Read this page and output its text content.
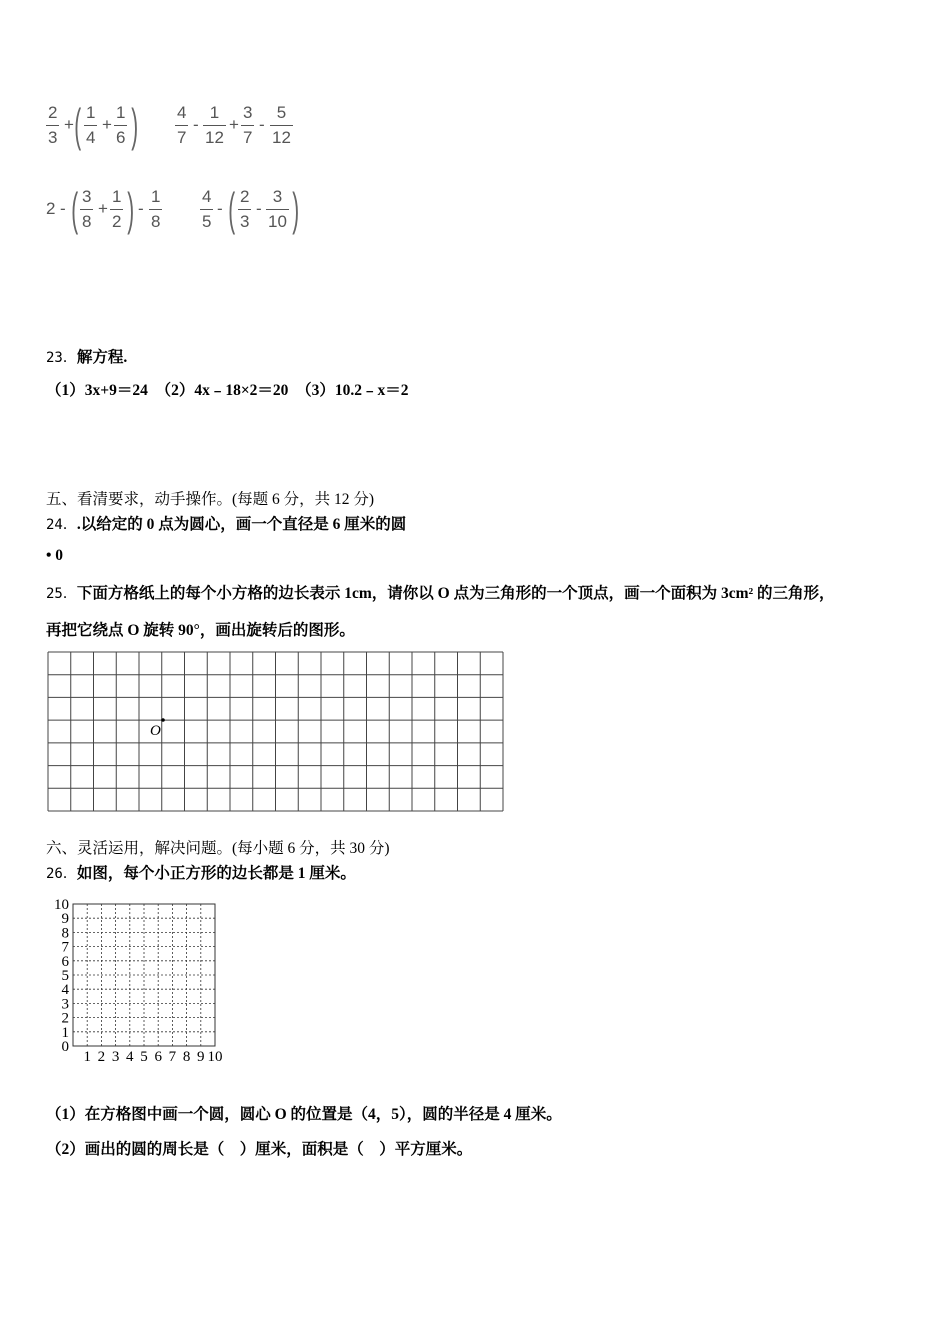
2
3
+ ( 1
4
+
1
6 ) 4
7
-
1
12
+
3
7
-
5
12
2 - ( 3
8
+
1
2 ) -
1
8
4
5
- ( 2
3
-
3
10 )
23．解方程.
（1）3x+9＝24　（2）4x﹣18×2＝20　（3）10.2﹣x＝2
五、看清要求，动手操作。(每题 6 分，共 12 分)
24．.以给定的 0 点为圆心，画一个直径是 6 厘米的圆
• 0
25．下面方格纸上的每个小方格的边长表示 1cm，请你以 O 点为三角形的一个顶点，画一个面积为 3cm² 的三角形，
再把它绕点 O 旋转 90°，画出旋转后的图形。
O
六、灵活运用，解决问题。(每小题 6 分，共 30 分)
26．如图，每个小正方形的边长都是 1 厘米。
10
9
8
7
6
5
4
3
2
1
0
1 2 3 4 5 6 7 8 9 10
（1）在方格图中画一个圆，圆心 O 的位置是（4，5），圆的半径是 4 厘米。
（2）画出的圆的周长是（　）厘米，面积是（　）平方厘米。
